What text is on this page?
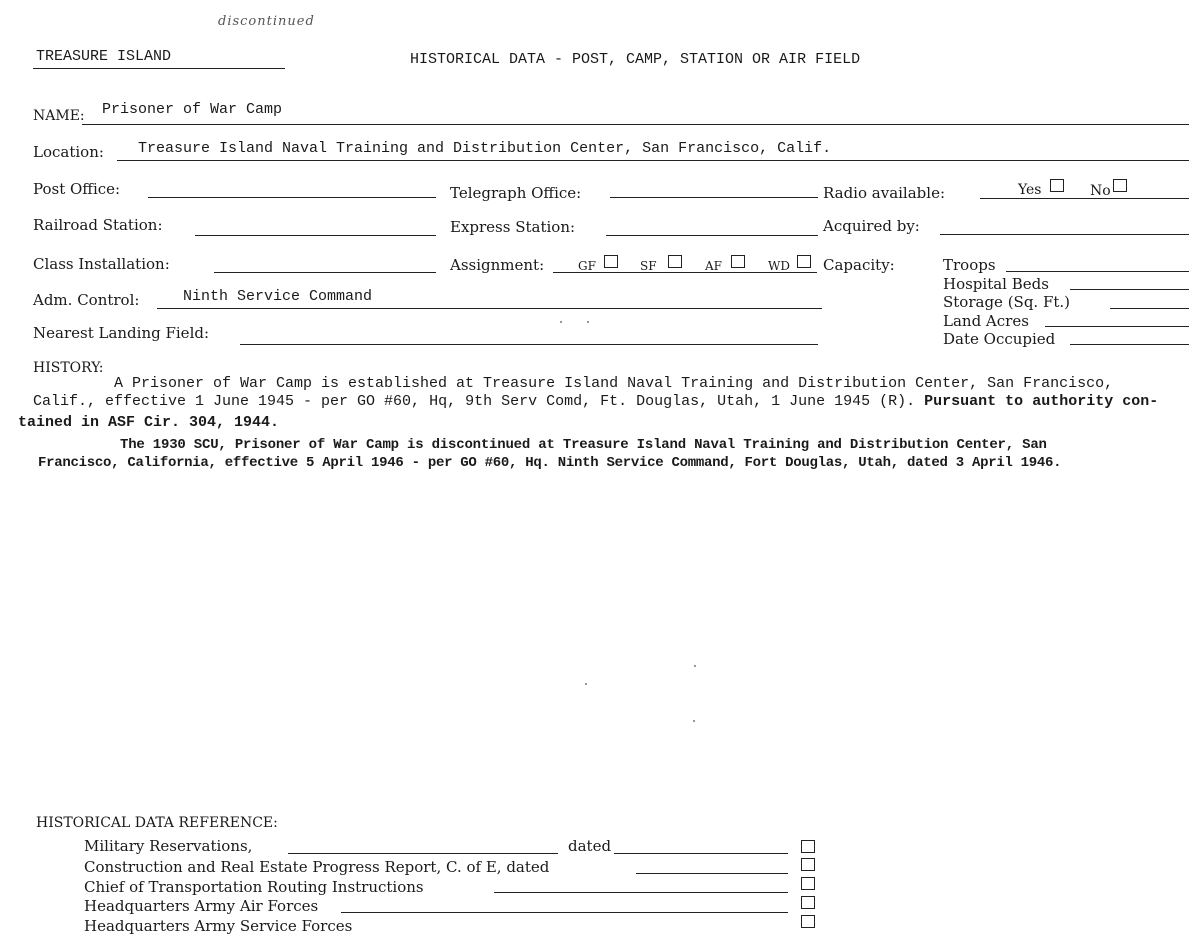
discontinued
TREASURE ISLAND	HISTORICAL DATA - POST, CAMP, STATION OR AIR FIELD
NAME: Prisoner of War Camp
Location: Treasure Island Naval Training and Distribution Center, San Francisco, Calif.
Post Office:	Telegraph Office:	Radio available:	Yes	No
Railroad Station:	Express Station:	Acquired by:
Class Installation:	Assignment:	GF	SF	AF	WD Capacity:	Troops
Hospital Beds
Storage (Sq. Ft.)
Land Acres
Date Occupied
Adm. Control:	Ninth Service Command
Nearest Landing Field:
HISTORY:
A Prisoner of War Camp is established at Treasure Island Naval Training and Distribution Center, San Francisco,
Calif., effective 1 June 1945 - per GO #60, Hq, 9th Serv Comd, Ft. Douglas, Utah, 1 June 1945 (R). Pursuant to authority con-
tained in ASF Cir. 304, 1944.
The 1930 SCU, Prisoner of War Camp is discontinued at Treasure Island Naval Training and Distribution Center, San
Francisco, California, effective 5 April 1946 - per GO #60, Hq. Ninth Service Command, Fort Douglas, Utah, dated 3 April 1946.
HISTORICAL DATA REFERENCE:
Military Reservations,	dated
Construction and Real Estate Progress Report, C. of E, dated
Chief of Transportation Routing Instructions
Headquarters Army Air Forces
Headquarters Army Service Forces
